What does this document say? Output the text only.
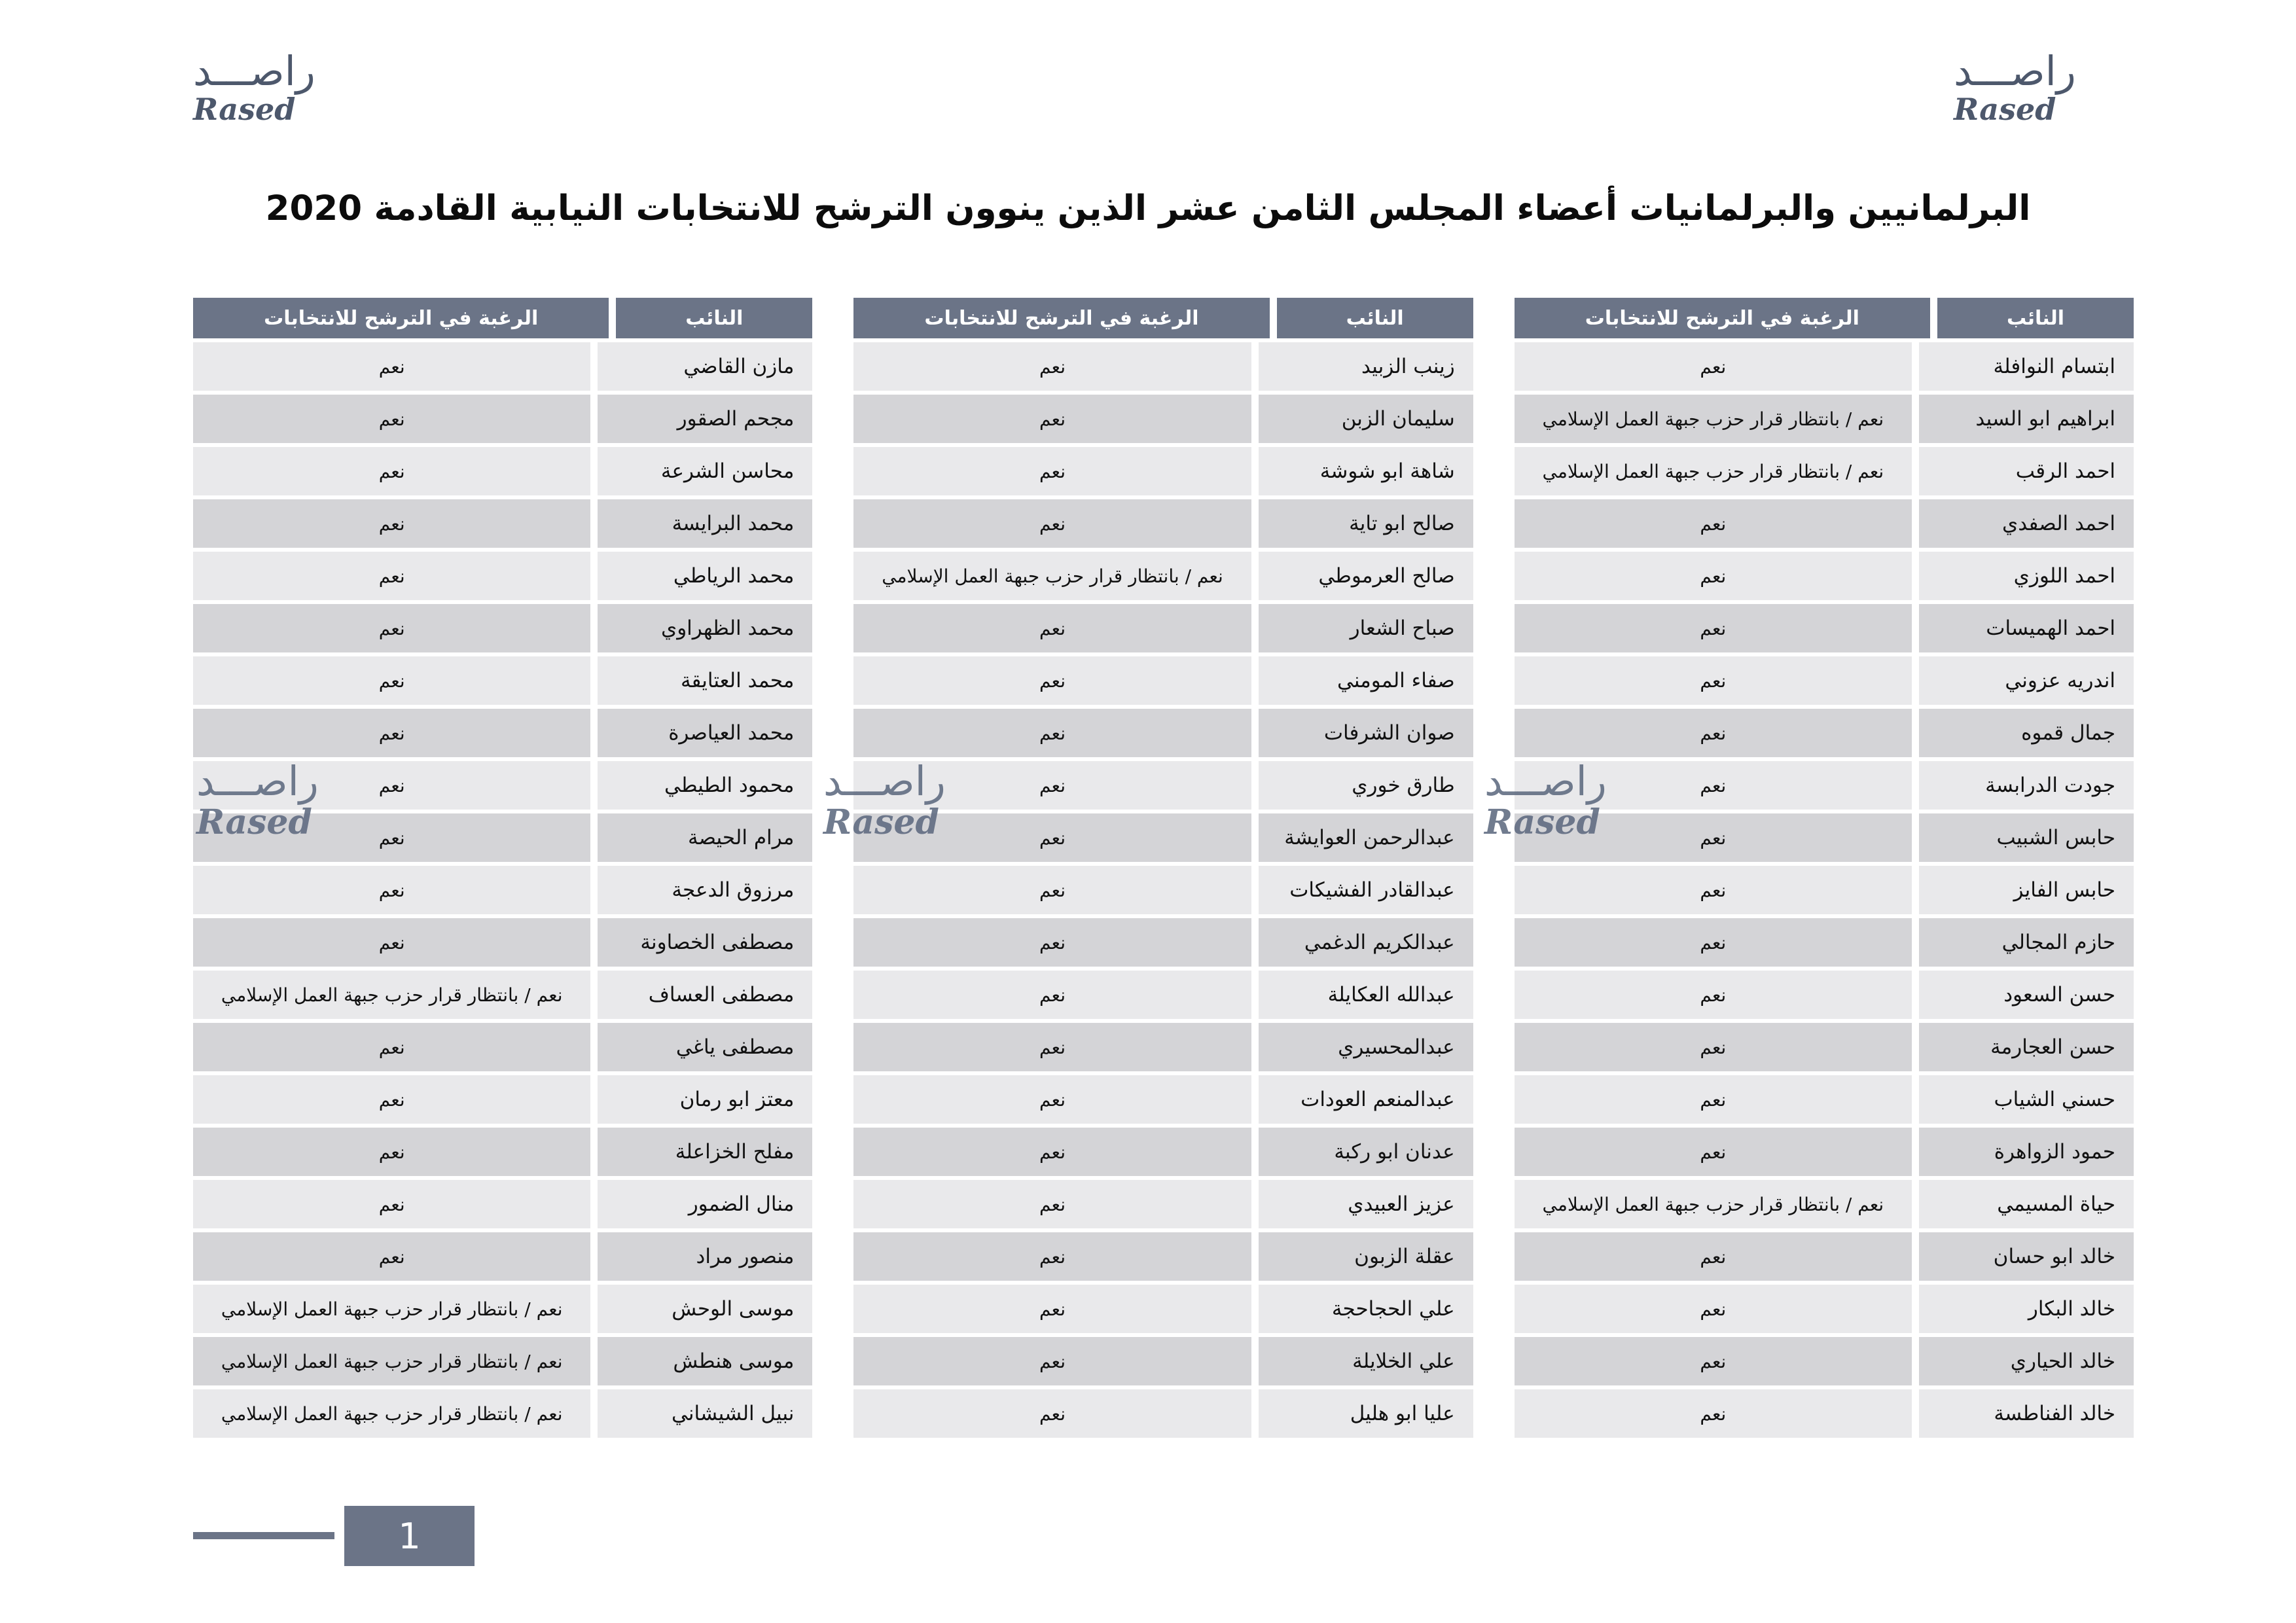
راصـــد
Rased
راصـــد
Rased
البرلمانيين والبرلمانيات أعضاء المجلس الثامن عشر الذين ينوون الترشح للانتخابات النيابية القادمة 2020
النائب
الرغبة في الترشح للانتخابات
ابتسام النوافلة
نعم
ابراهيم ابو السيد
نعم / بانتظار قرار حزب جبهة العمل الإسلامي
احمد الرقب
نعم / بانتظار قرار حزب جبهة العمل الإسلامي
احمد الصفدي
نعم
احمد اللوزي
نعم
احمد الهميسات
نعم
اندريه عزوني
نعم
جمال قموه
نعم
جودت الدرابسة
نعم
حابس الشبيب
نعم
حابس الفايز
نعم
حازم المجالي
نعم
حسن السعود
نعم
حسن العجارمة
نعم
حسني الشياب
نعم
حمود الزواهرة
نعم
حياة المسيمي
نعم / بانتظار قرار حزب جبهة العمل الإسلامي
خالد ابو حسان
نعم
خالد البكار
نعم
خالد الحياري
نعم
خالد الفناطسة
نعم
النائب
الرغبة في الترشح للانتخابات
زينب الزبيد
نعم
سليمان الزبن
نعم
شاهة ابو شوشة
نعم
صالح ابو تاية
نعم
صالح العرموطي
نعم / بانتظار قرار حزب جبهة العمل الإسلامي
صباح الشعار
نعم
صفاء المومني
نعم
صوان الشرفات
نعم
طارق خوري
نعم
عبدالرحمن العوايشة
نعم
عبدالقادر الفشيكات
نعم
عبدالكريم الدغمي
نعم
عبدالله العكايلة
نعم
عبدالمحسيري
نعم
عبدالمنعم العودات
نعم
عدنان ابو ركبة
نعم
عزيز العبيدي
نعم
عقلة الزبون
نعم
علي الحجاحجة
نعم
علي الخلايلة
نعم
عليا ابو هليل
نعم
النائب
الرغبة في الترشح للانتخابات
مازن القاضي
نعم
مجحم الصقور
نعم
محاسن الشرعة
نعم
محمد البرايسة
نعم
محمد الرياطي
نعم
محمد الظهراوي
نعم
محمد العتايقة
نعم
محمد العياصرة
نعم
محمود الطيطي
نعم
مرام الحيصة
نعم
مرزوق الدعجة
نعم
مصطفى الخصاونة
نعم
مصطفى العساف
نعم / بانتظار قرار حزب جبهة العمل الإسلامي
مصطفى ياغي
نعم
معتز ابو رمان
نعم
مفلح الخزاعلة
نعم
منال الضمور
نعم
منصور مراد
نعم
موسى الوحش
نعم / بانتظار قرار حزب جبهة العمل الإسلامي
موسى هنطش
نعم / بانتظار قرار حزب جبهة العمل الإسلامي
نبيل الشيشاني
نعم / بانتظار قرار حزب جبهة العمل الإسلامي
راصـــد
Rased
راصـــد
Rased
راصـــد
Rased
1
